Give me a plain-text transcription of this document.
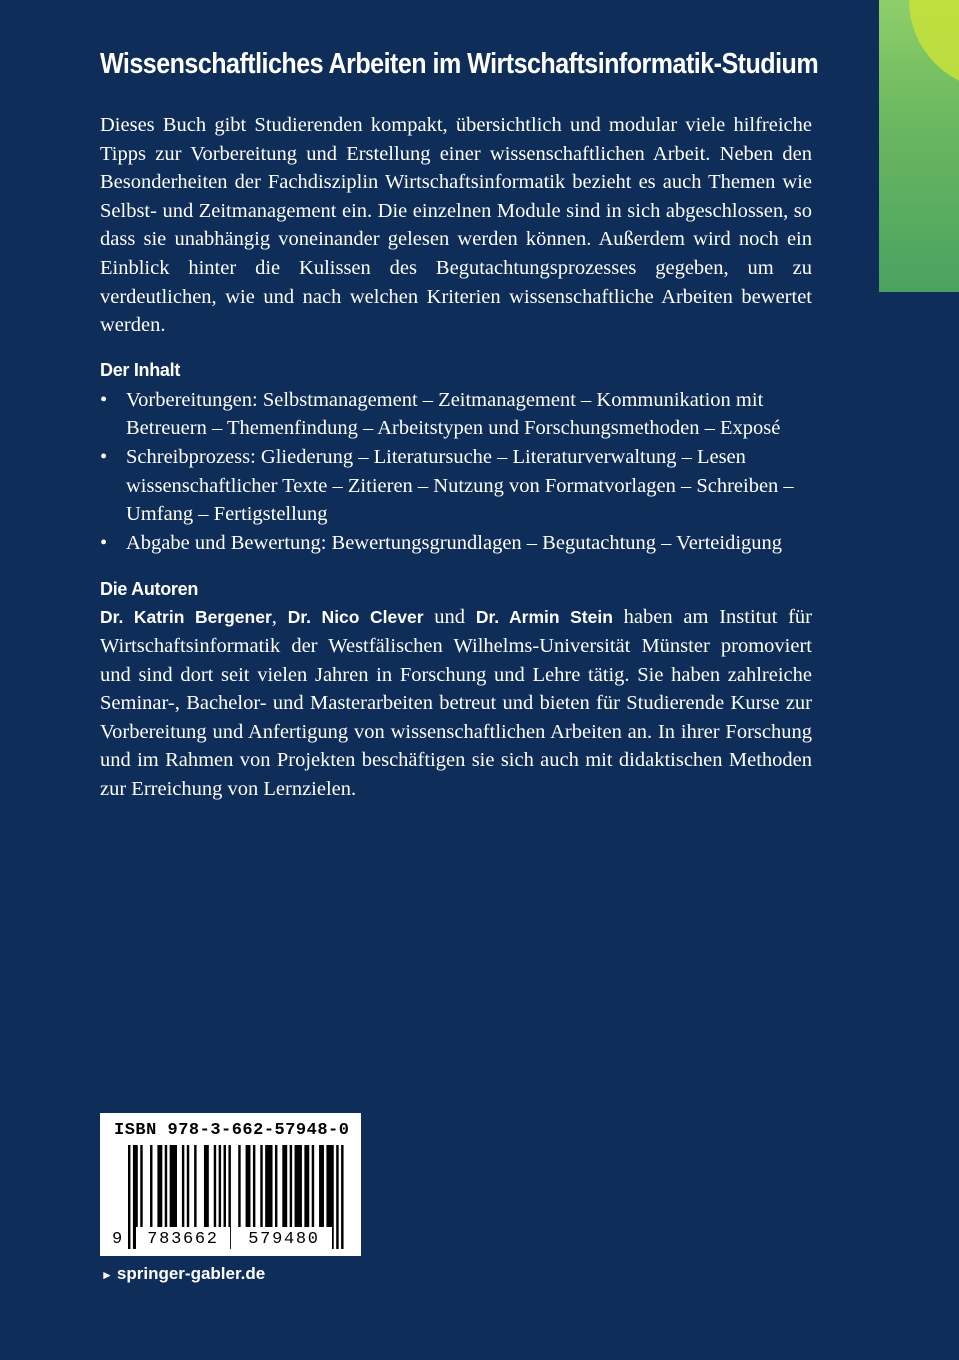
Wissenschaftliches Arbeiten im Wirtschaftsinformatik-Studium

Dieses Buch gibt Studierenden kompakt, übersichtlich und modular viele hilfreiche Tipps zur Vorbereitung und Erstellung einer wissenschaftlichen Arbeit. Neben den Besonderheiten der Fachdisziplin Wirtschaftsinformatik bezieht es auch Themen wie Selbst- und Zeitmanagement ein. Die einzelnen Module sind in sich abgeschlossen, so dass sie unabhängig voneinander gelesen werden können. Außerdem wird noch ein Einblick hinter die Kulissen des Begutachtungsprozesses gegeben, um zu verdeutlichen, wie und nach welchen Kriterien wissenschaftliche Arbeiten bewertet werden.

Der Inhalt
• Vorbereitungen: Selbstmanagement – Zeitmanagement – Kommunikation mit Betreuern – Themenfindung – Arbeitstypen und Forschungsmethoden – Exposé
• Schreibprozess: Gliederung – Literatursuche – Literaturverwaltung – Lesen wissenschaftlicher Texte – Zitieren – Nutzung von Formatvorlagen – Schreiben – Umfang – Fertigstellung
• Abgabe und Bewertung: Bewertungsgrundlagen – Begutachtung – Verteidigung
Die Autoren

Dr. Katrin Bergener, Dr. Nico Clever und Dr. Armin Stein haben am Institut für Wirtschaftsinformatik der Westfälischen Wilhelms-Universität Münster promoviert und sind dort seit vielen Jahren in Forschung und Lehre tätig. Sie haben zahlreiche Seminar-, Bachelor- und Masterarbeiten betreut und bieten für Studierende Kurse zur Vorbereitung und Anfertigung von wissenschaftlichen Arbeiten an. In ihrer Forschung und im Rahmen von Projekten beschäftigen sie sich auch mit didaktischen Methoden zur Erreichung von Lernzielen.

ISBN 978-3-662-57948-0
9	783662	579480
► springer-gabler.de
